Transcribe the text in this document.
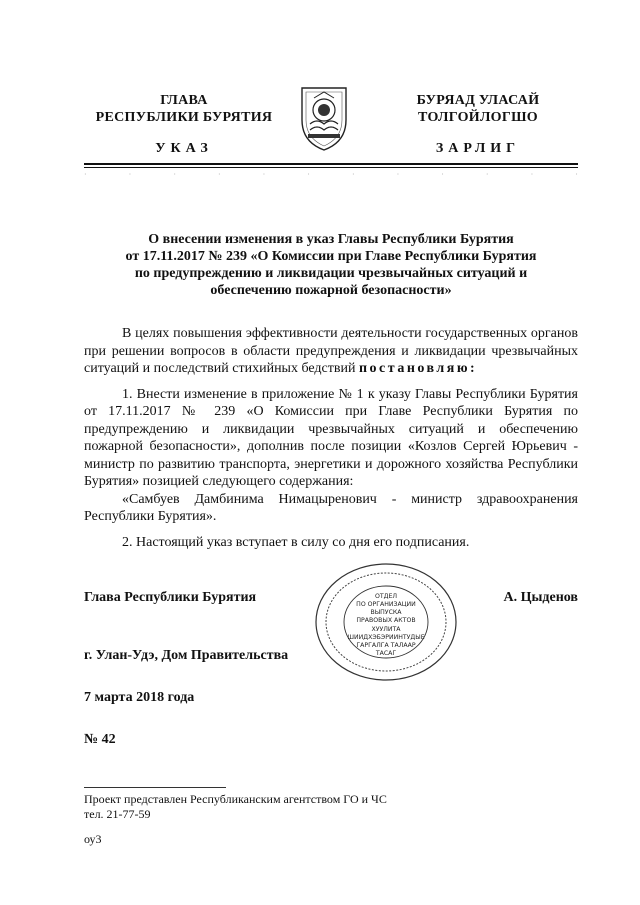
ГЛАВА
РЕСПУБЛИКИ БУРЯТИЯ
БУРЯАД УЛАСАЙ
ТОЛГОЙЛОГШО
УКАЗ	ЗАРЛИГ
·	·	·	·	·	·	·	·	·	·	·	·
О внесении изменения в указ Главы Республики Бурятия
от 17.11.2017 № 239 «О Комиссии при Главе Республики Бурятия
по предупреждению и ликвидации чрезвычайных ситуаций и
обеспечению пожарной безопасности»

В целях повышения эффективности деятельности государственных органов при решении вопросов в области предупреждения и ликвидации чрезвычайных ситуаций и последствий стихийных бедствий постановляю:

1. Внести изменение в приложение № 1 к указу Главы Республики Бурятия от 17.11.2017 № 239 «О Комиссии при Главе Республики Бурятия по предупреждению и ликвидации чрезвычайных ситуаций и обеспечению пожарной безопасности», дополнив после позиции «Козлов Сергей Юрьевич - министр по развитию транспорта, энергетики и дорожного хозяйства Республики Бурятия» позицией следующего содержания:

«Самбуев Дамбинима Нимацыренович - министр здравоохранения Республики Бурятия».

2. Настоящий указ вступает в силу со дня его подписания.

Глава Республики Бурятия	А. Цыденов
г. Улан-Удэ, Дом Правительства
7 марта 2018 года
№ 42
ОТДЕЛ
ПО ОРГАНИЗАЦИИ
ВЫПУСКА
ПРАВОВЫХ АКТОВ
ХУУЛИТА
ШИИДХЭБЭРИИНТУДЫЕ
ГАРГАЛГА ТАЛААР
ТАСАГ
Проект представлен Республиканским агентством ГО и ЧС
тел. 21-77-59
оу3
